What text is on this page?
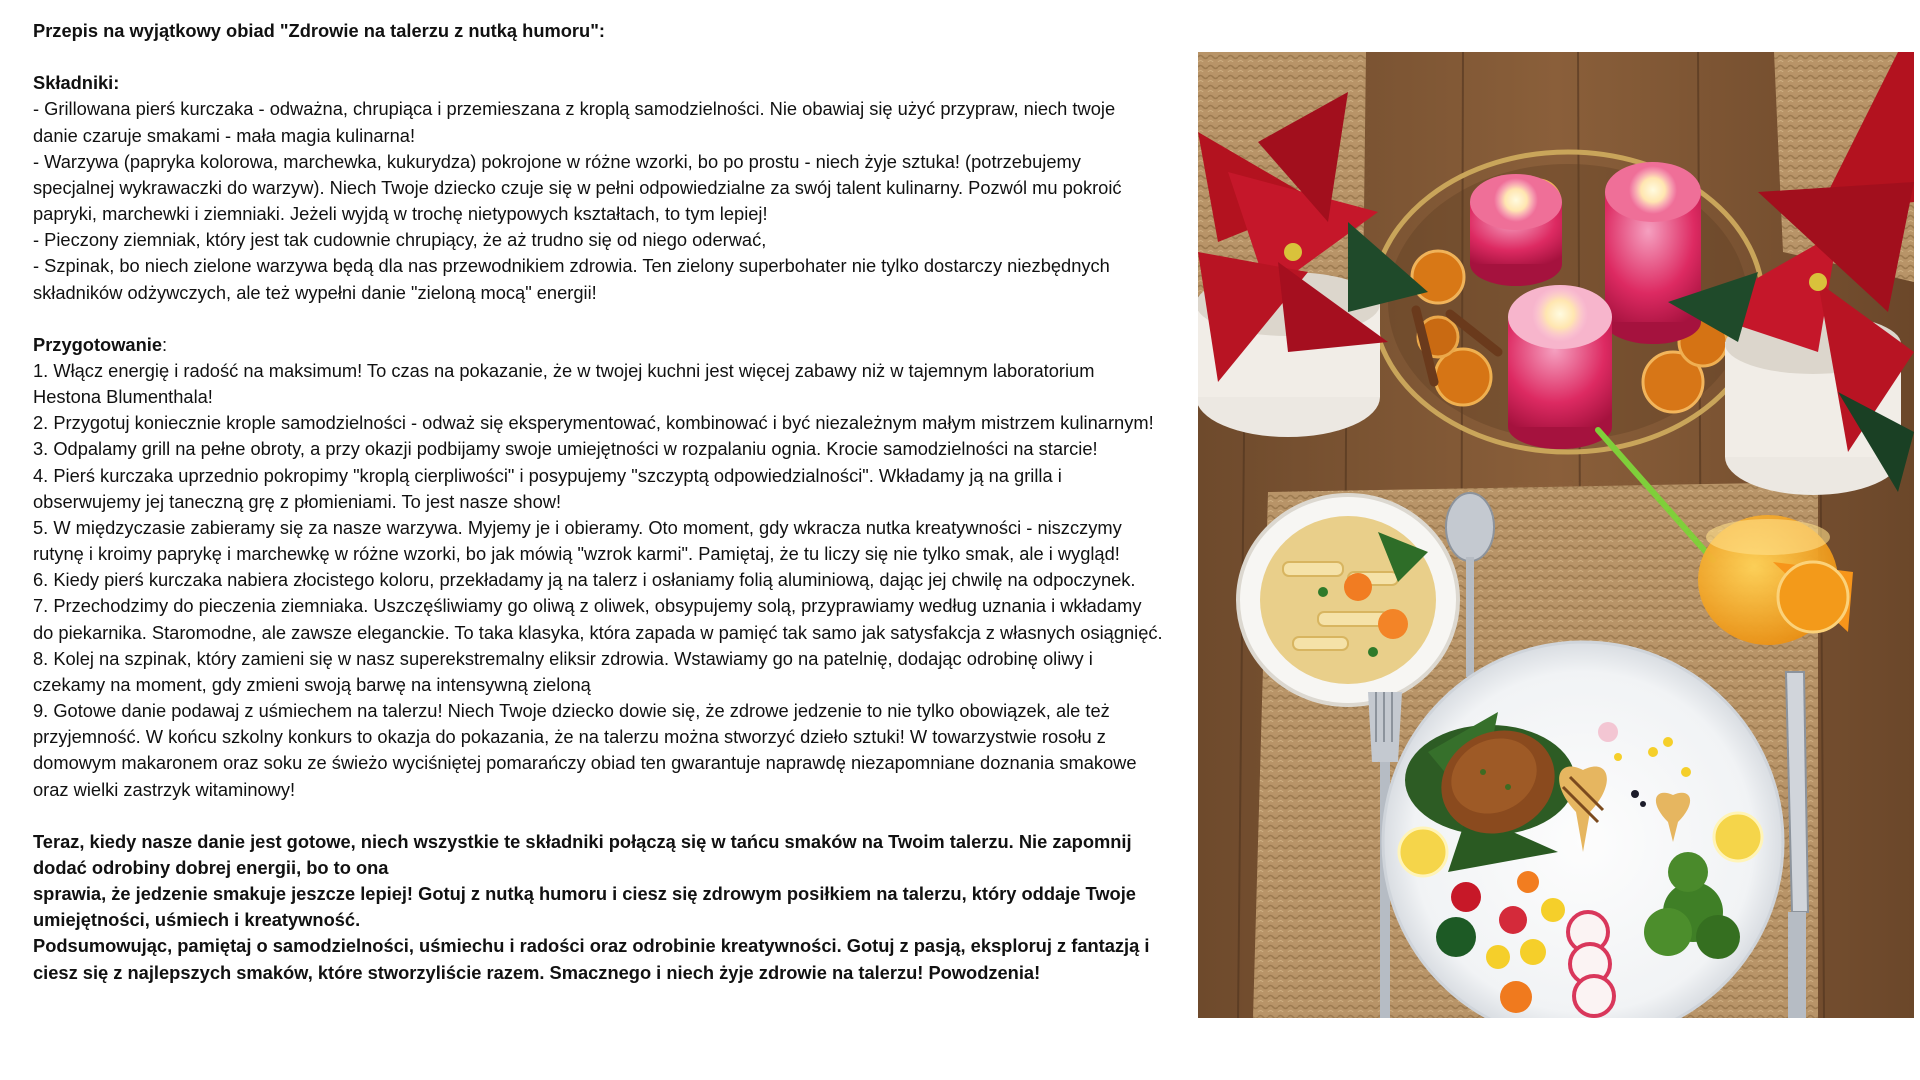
Przepis na wyjątkowy obiad "Zdrowie na talerzu z nutką humoru":

Składniki:

- Grillowana pierś kurczaka - odważna, chrupiąca i przemieszana z kroplą samodzielności. Nie obawiaj się użyć przypraw, niech twoje danie czaruje smakami - mała magia kulinarna!

- Warzywa (papryka kolorowa, marchewka, kukurydza) pokrojone w różne wzorki, bo po prostu - niech żyje sztuka! (potrzebujemy specjalnej wykrawaczki do warzyw). Niech Twoje dziecko czuje się w pełni odpowiedzialne za swój talent kulinarny. Pozwól mu pokroić papryki, marchewki i ziemniaki. Jeżeli wyjdą w trochę nietypowych kształtach, to tym lepiej!

- Pieczony ziemniak, który jest tak cudownie chrupiący, że aż trudno się od niego oderwać,

- Szpinak, bo niech zielone warzywa będą dla nas przewodnikiem zdrowia. Ten zielony superbohater nie tylko dostarczy niezbędnych składników odżywczych, ale też wypełni danie "zieloną mocą" energii!

Przygotowanie:

1. Włącz energię i radość na maksimum! To czas na pokazanie, że w twojej kuchni jest więcej zabawy niż w tajemnym laboratorium Hestona Blumenthala!

2. Przygotuj koniecznie krople samodzielności - odważ się eksperymentować, kombinować i być niezależnym małym mistrzem kulinarnym!

3. Odpalamy grill na pełne obroty, a przy okazji podbijamy swoje umiejętności w rozpalaniu ognia. Krocie samodzielności na starcie!

4. Pierś kurczaka uprzednio pokropimy "kroplą cierpliwości" i posypujemy "szczyptą odpowiedzialności". Wkładamy ją na grilla i obserwujemy jej taneczną grę z płomieniami. To jest nasze show!

5. W międzyczasie zabieramy się za nasze warzywa. Myjemy je i obieramy. Oto moment, gdy wkracza nutka kreatywności - niszczymy rutynę i kroimy paprykę i marchewkę w różne wzorki, bo jak mówią "wzrok karmi". Pamiętaj, że tu liczy się nie tylko smak, ale i wygląd!

6. Kiedy pierś kurczaka nabiera złocistego koloru, przekładamy ją na talerz i osłaniamy folią aluminiową, dając jej chwilę na odpoczynek.

7. Przechodzimy do pieczenia ziemniaka. Uszczęśliwiamy go oliwą z oliwek, obsypujemy solą, przyprawiamy według uznania i wkładamy do piekarnika. Staromodne, ale zawsze eleganckie. To taka klasyka, która zapada w pamięć tak samo jak satysfakcja z własnych osiągnięć.

8. Kolej na szpinak, który zamieni się w nasz superekstremalny eliksir zdrowia. Wstawiamy go na patelnię, dodając odrobinę oliwy i czekamy na moment, gdy zmieni swoją barwę na intensywną zieloną

9. Gotowe danie podawaj z uśmiechem na talerzu! Niech Twoje dziecko dowie się, że zdrowe jedzenie to nie tylko obowiązek, ale też przyjemność. W końcu szkolny konkurs to okazja do pokazania, że na talerzu można stworzyć dzieło sztuki! W towarzystwie rosołu z domowym makaronem oraz soku ze świeżo wyciśniętej pomarańczy obiad ten gwarantuje naprawdę niezapomniane doznania smakowe oraz wielki zastrzyk witaminowy!

Teraz, kiedy nasze danie jest gotowe, niech wszystkie te składniki połączą się w tańcu smaków na Twoim talerzu. Nie zapomnij dodać odrobiny dobrej energii, bo to ona

sprawia, że jedzenie smakuje jeszcze lepiej! Gotuj z nutką humoru i ciesz się zdrowym posiłkiem na talerzu, który oddaje Twoje umiejętności, uśmiech i kreatywność.

Podsumowując, pamiętaj o samodzielności, uśmiechu i radości oraz odrobinie kreatywności. Gotuj z pasją, eksploruj z fantazją i ciesz się z najlepszych smaków, które stworzyliście razem. Smacznego i niech żyje zdrowie na talerzu! Powodzenia!
